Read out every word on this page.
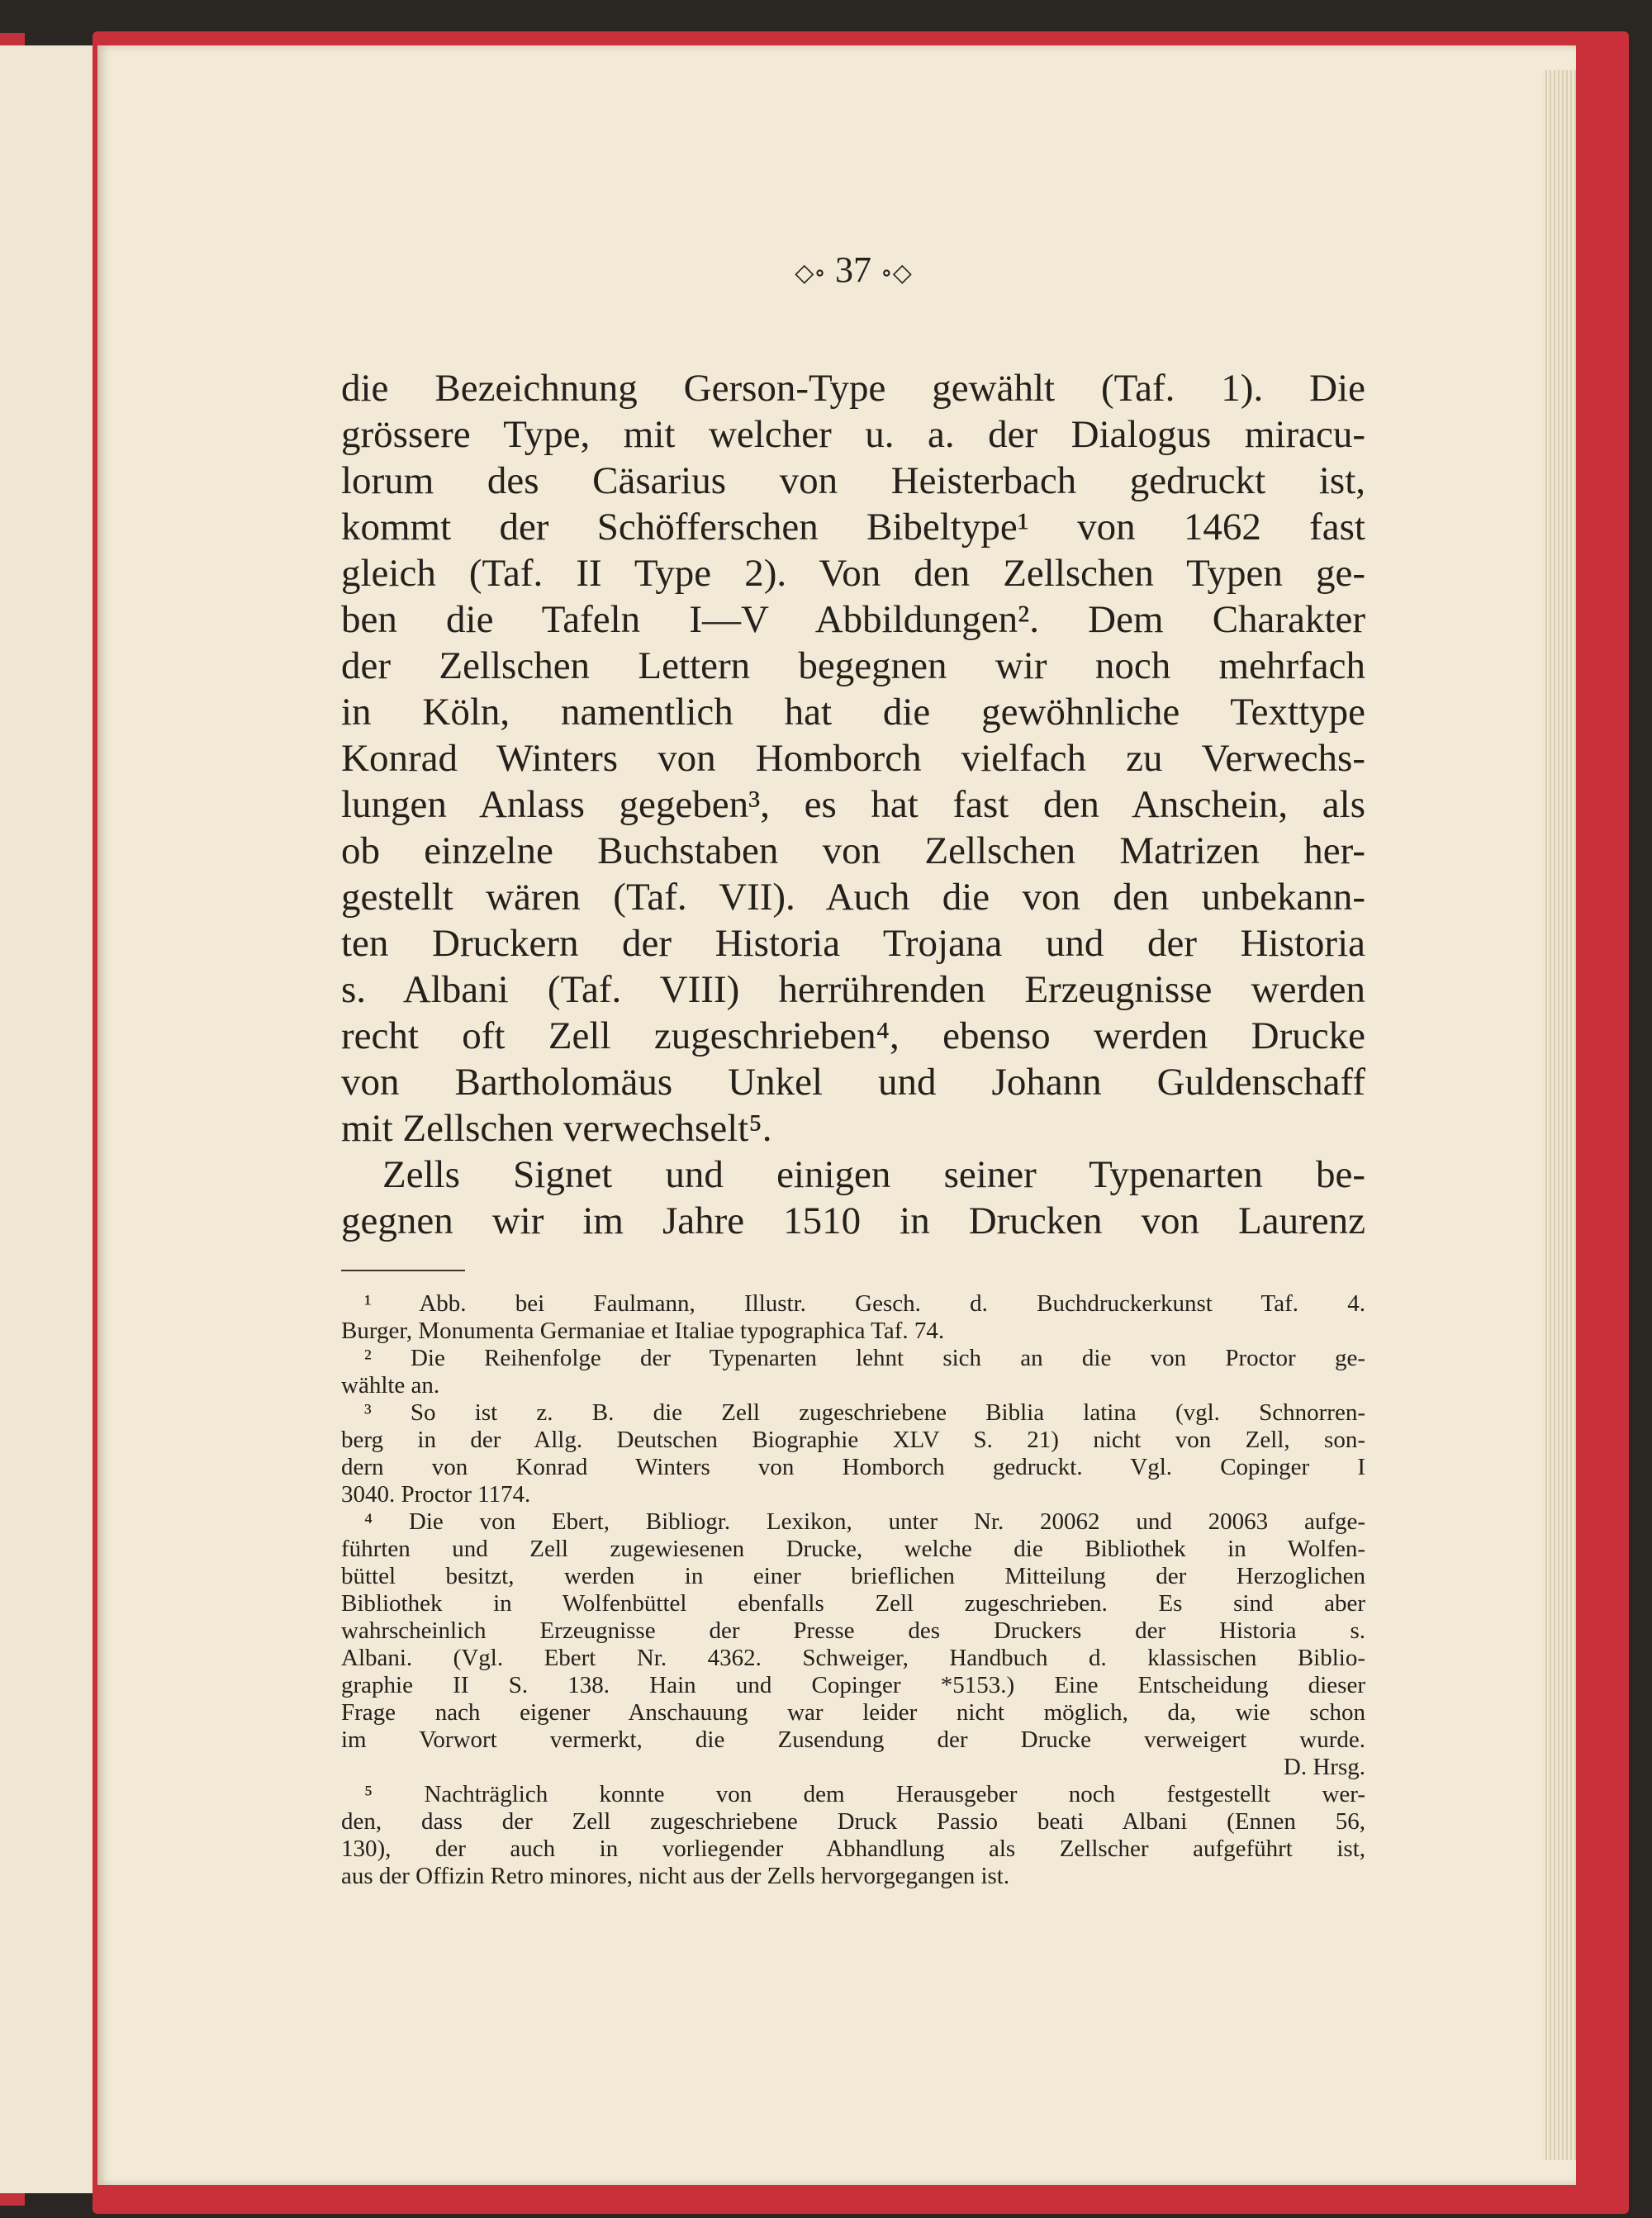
◇∘ 37 ∘◇
die Bezeichnung Gerson-Type gewählt (Taf. 1). Die
grössere Type, mit welcher u. a. der Dialogus miracu-
lorum des Cäsarius von Heisterbach gedruckt ist,
kommt der Schöfferschen Bibeltype¹ von 1462 fast
gleich (Taf. II Type 2). Von den Zellschen Typen ge-
ben die Tafeln I—V Abbildungen². Dem Charakter
der Zellschen Lettern begegnen wir noch mehrfach
in Köln, namentlich hat die gewöhnliche Texttype
Konrad Winters von Homborch vielfach zu Verwechs-
lungen Anlass gegeben³, es hat fast den Anschein, als
ob einzelne Buchstaben von Zellschen Matrizen her-
gestellt wären (Taf. VII). Auch die von den unbekann-
ten Druckern der Historia Trojana und der Historia
s. Albani (Taf. VIII) herrührenden Erzeugnisse werden
recht oft Zell zugeschrieben⁴, ebenso werden Drucke
von Bartholomäus Unkel und Johann Guldenschaff
mit Zellschen verwechselt⁵.
Zells Signet und einigen seiner Typenarten be-
gegnen wir im Jahre 1510 in Drucken von Laurenz
¹ Abb. bei Faulmann, Illustr. Gesch. d. Buchdruckerkunst Taf. 4.
Burger, Monumenta Germaniae et Italiae typographica Taf. 74.
² Die Reihenfolge der Typenarten lehnt sich an die von Proctor ge-
wählte an.
³ So ist z. B. die Zell zugeschriebene Biblia latina (vgl. Schnorren-
berg in der Allg. Deutschen Biographie XLV S. 21) nicht von Zell, son-
dern von Konrad Winters von Homborch gedruckt. Vgl. Copinger I
3040. Proctor 1174.
⁴ Die von Ebert, Bibliogr. Lexikon, unter Nr. 20062 und 20063 aufge-
führten und Zell zugewiesenen Drucke, welche die Bibliothek in Wolfen-
büttel besitzt, werden in einer brieflichen Mitteilung der Herzoglichen
Bibliothek in Wolfenbüttel ebenfalls Zell zugeschrieben. Es sind aber
wahrscheinlich Erzeugnisse der Presse des Druckers der Historia s.
Albani. (Vgl. Ebert Nr. 4362. Schweiger, Handbuch d. klassischen Biblio-
graphie II S. 138. Hain und Copinger *5153.) Eine Entscheidung dieser
Frage nach eigener Anschauung war leider nicht möglich, da, wie schon
im Vorwort vermerkt, die Zusendung der Drucke verweigert wurde.
D. Hrsg.
⁵ Nachträglich konnte von dem Herausgeber noch festgestellt wer-
den, dass der Zell zugeschriebene Druck Passio beati Albani (Ennen 56,
130), der auch in vorliegender Abhandlung als Zellscher aufgeführt ist,
aus der Offizin Retro minores, nicht aus der Zells hervorgegangen ist.
